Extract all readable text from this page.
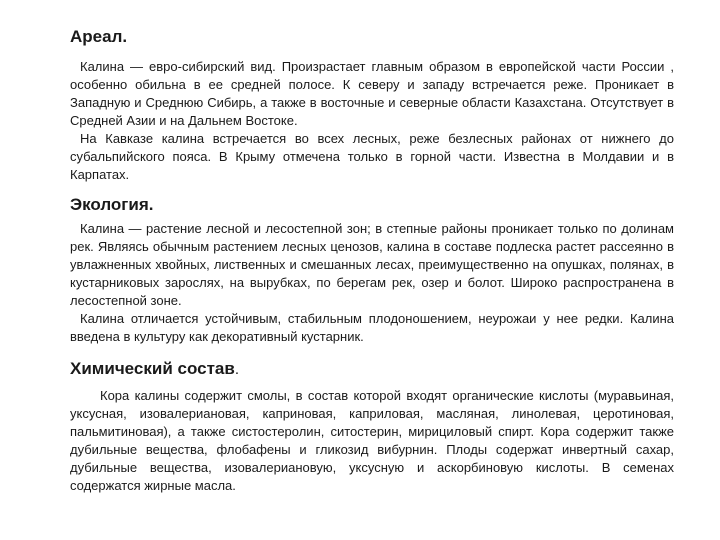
Ареал.

Калина — евро-сибирский вид. Произрастает главным образом в европейской части России , особенно обильна в ее средней полосе. К северу и западу встречается реже. Проникает в Западную и Среднюю Сибирь, а также в восточные и северные области Казахстана. Отсутствует в Средней Азии и на Дальнем Востоке.

На Кавказе калина встречается во всех лесных, реже безлесных районах от нижнего до субальпийского пояса. В Крыму отмечена только в горной части. Известна в Молдавии и в Карпатах.

Экология.

Калина — растение лесной и лесостепной зон; в степные районы проникает только по долинам рек. Являясь обычным растением лесных ценозов, калина в составе подлеска растет рассеянно в увлажненных хвойных, лиственных и смешанных лесах, преимущественно на опушках, полянах, в кустарниковых зарослях, на вырубках, по берегам рек, озер и болот. Широко распространена в лесостепной зоне.

Калина отличается устойчивым, стабильным плодоношением, неурожаи у нее редки. Калина введена в культуру как декоративный кустарник.

Химический состав.

Кора калины содержит смолы, в состав которой входят органические кислоты (муравьиная, уксусная, изовалериановая, каприновая, каприловая, масляная, линолевая, церотиновая, пальмитиновая), а также систостеролин, ситостерин, мирициловый спирт. Кора содержит также дубильные вещества, флобафены и гликозид вибурнин. Плоды содержат инвертный сахар, дубильные вещества, изовалериановую, уксусную и аскорбиновую кислоты. В семенах содержатся жирные масла.
